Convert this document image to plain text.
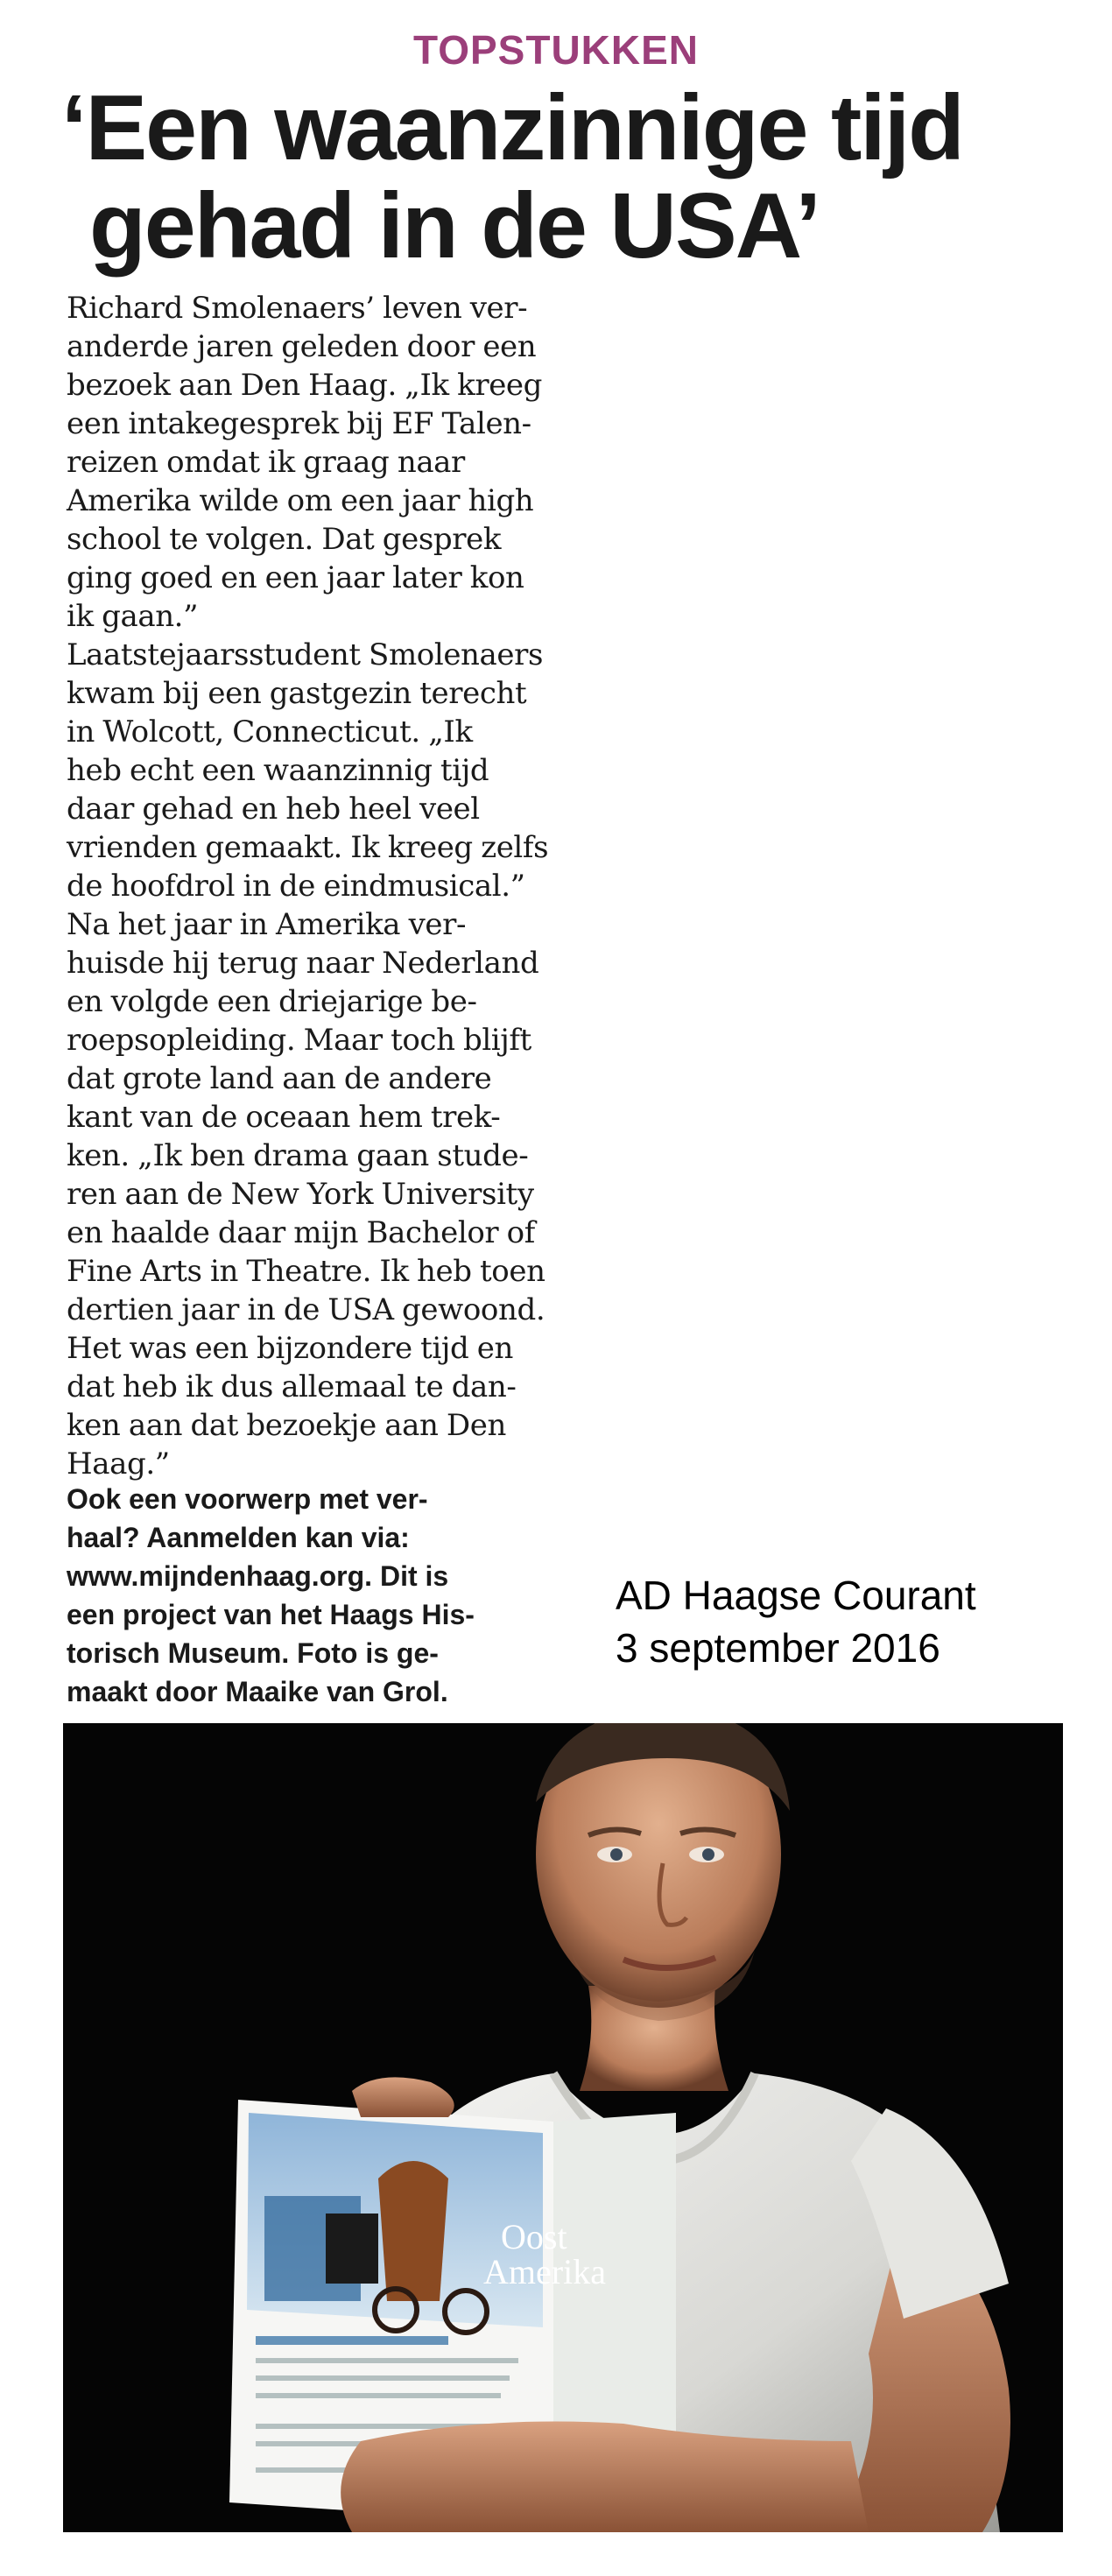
TOPSTUKKEN
‘Een waanzinnige tijd
gehad in de USA’

Richard Smolenaers’ leven ver-
anderde jaren geleden door een
bezoek aan Den Haag. „Ik kreeg
een intakegesprek bij EF Talen-
reizen omdat ik graag naar
Amerika wilde om een jaar high
school te volgen. Dat gesprek
ging goed en een jaar later kon
ik gaan.”

Laatstejaarsstudent Smolenaers
kwam bij een gastgezin terecht
in Wolcott, Connecticut. „Ik
heb echt een waanzinnig tijd
daar gehad en heb heel veel
vrienden gemaakt. Ik kreeg zelfs
de hoofdrol in de eindmusical.”

Na het jaar in Amerika ver-
huisde hij terug naar Nederland
en volgde een driejarige be-
roepsopleiding. Maar toch blijft
dat grote land aan de andere
kant van de oceaan hem trek-
ken. „Ik ben drama gaan stude-
ren aan de New York University
en haalde daar mijn Bachelor of
Fine Arts in Theatre. Ik heb toen
dertien jaar in de USA gewoond.
Het was een bijzondere tijd en
dat heb ik dus allemaal te dan-
ken aan dat bezoekje aan Den
Haag.”

Ook een voorwerp met ver-
haal? Aanmelden kan via:
www.mijndenhaag.org. Dit is
een project van het Haags His-
torisch Museum. Foto is ge-
maakt door Maaike van Grol.
AD Haagse Courant
3 september 2016
Oost
Amerika
